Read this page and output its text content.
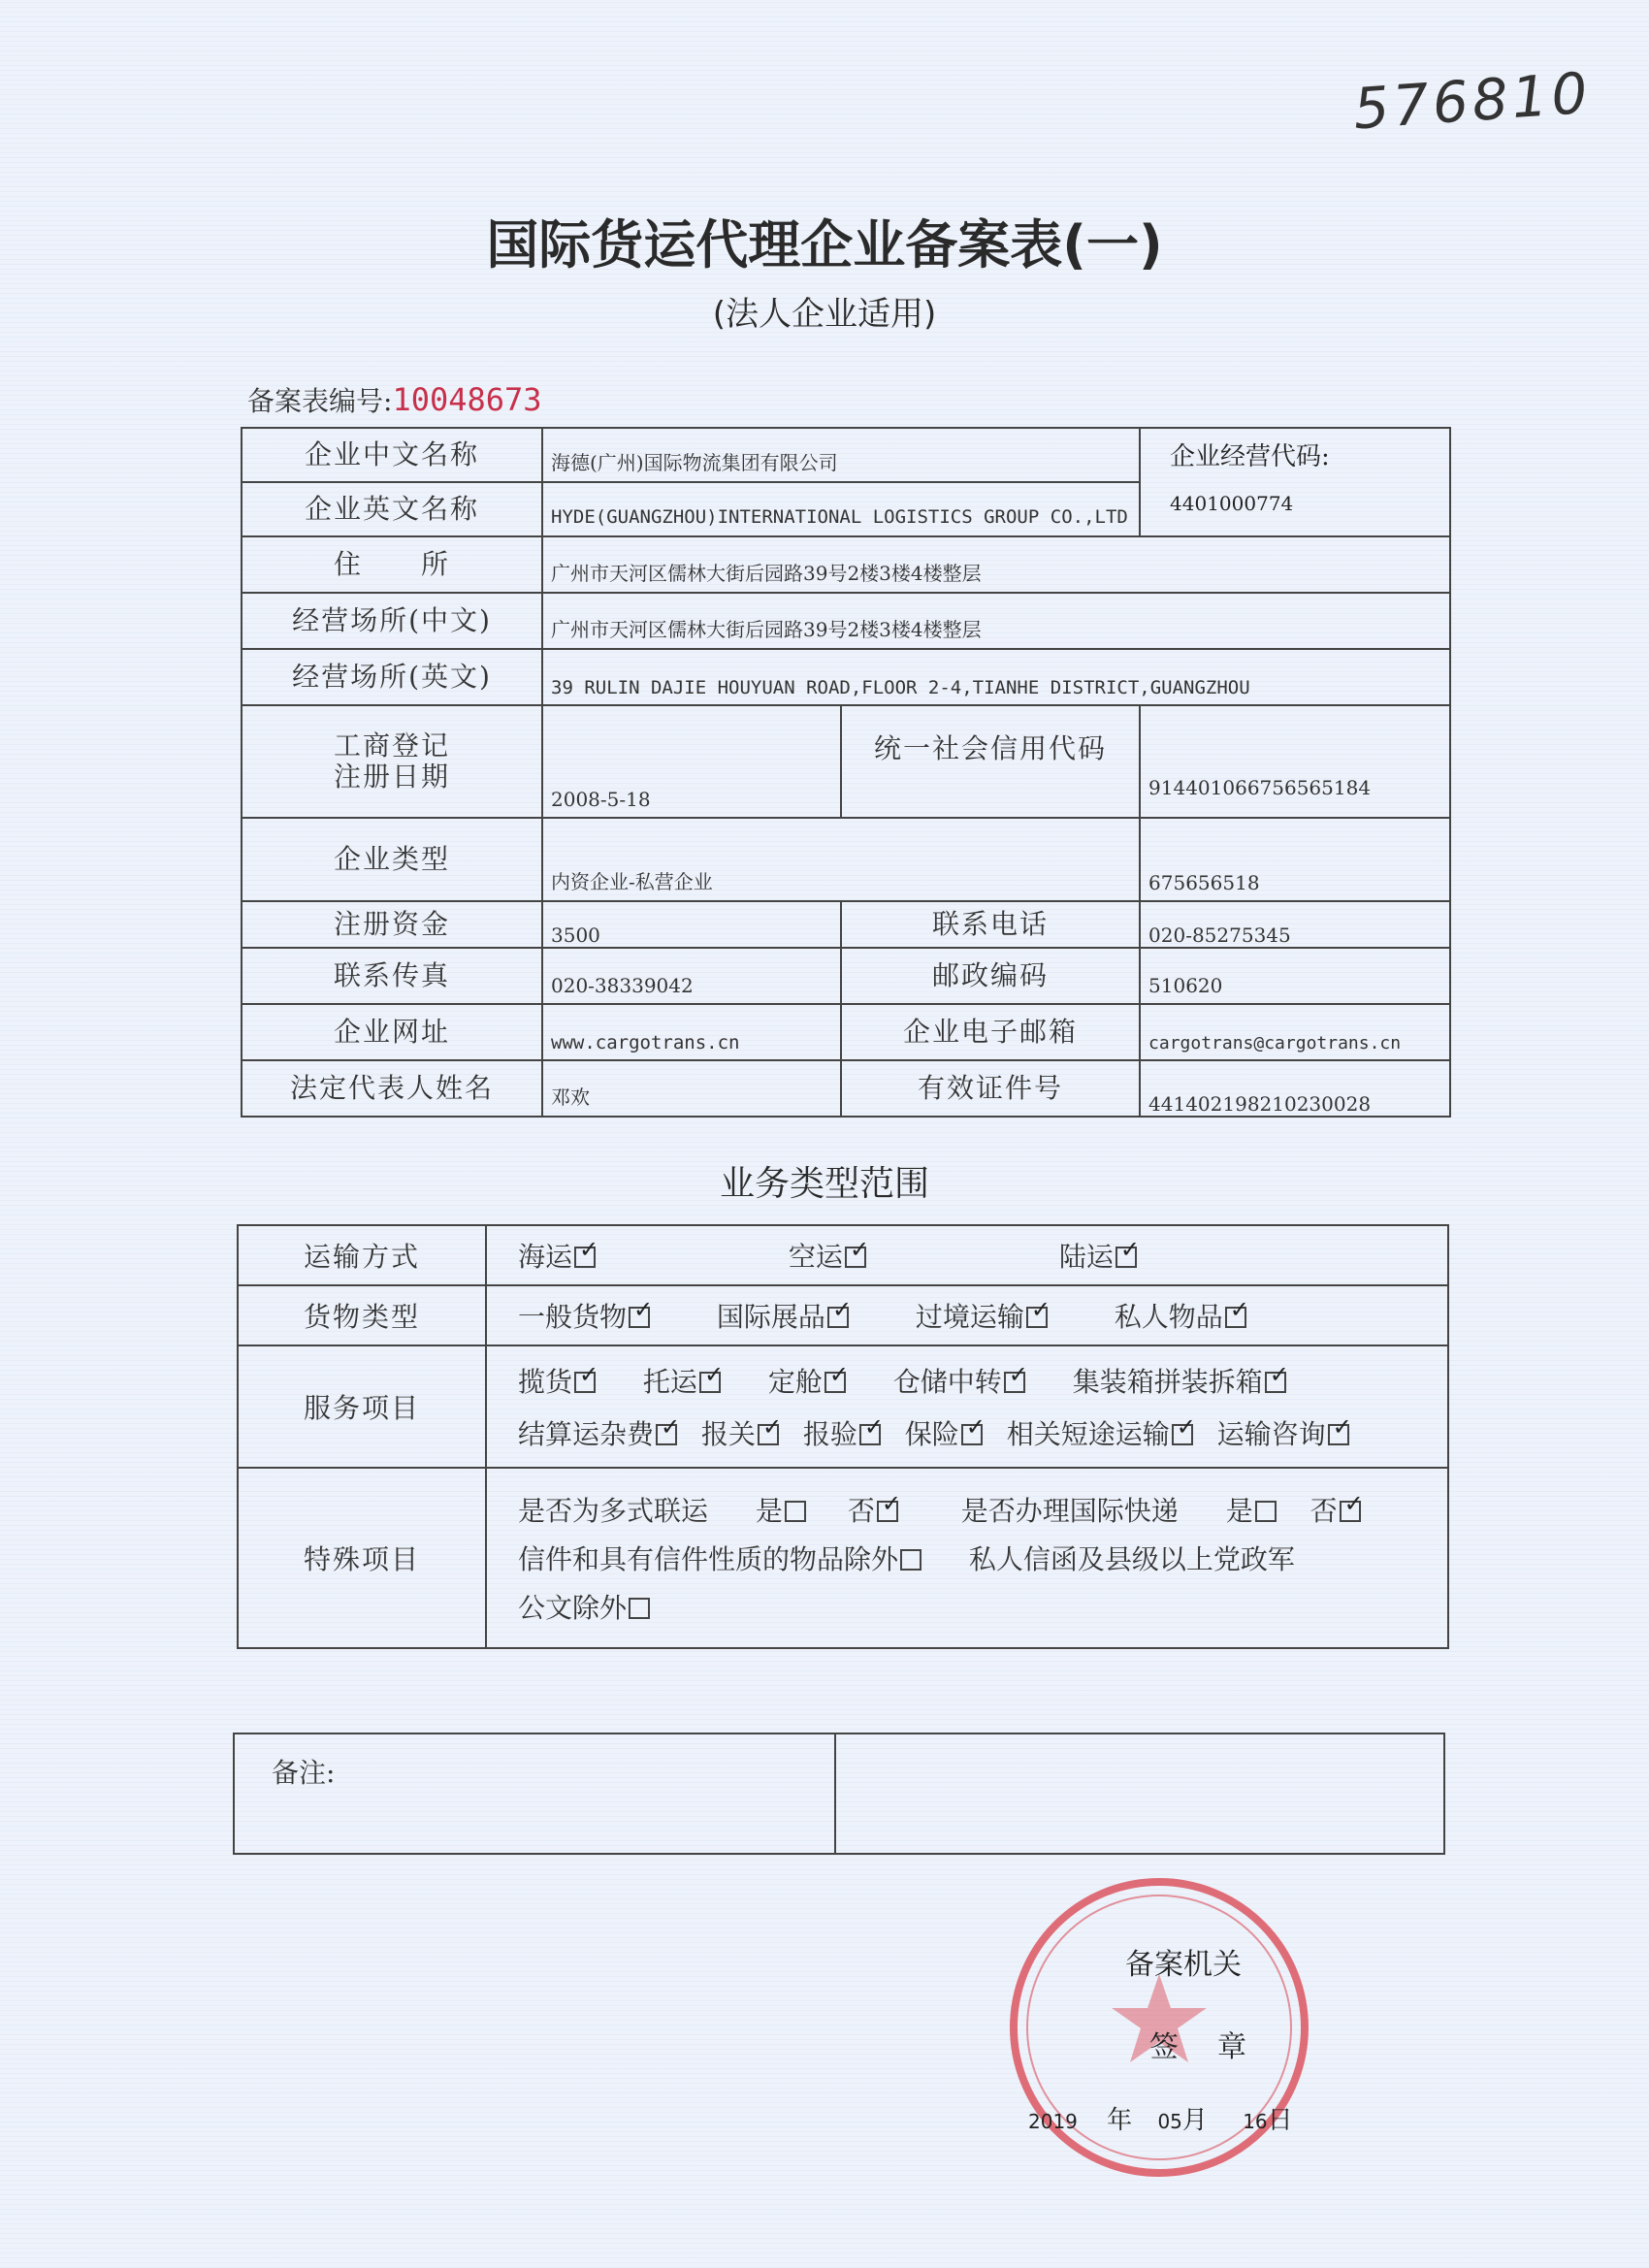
576810
国际货运代理企业备案表(一)
(法人企业适用)
备案表编号:10048673
企业中文名称	海德(广州)国际物流集团有限公司		企业经营代码:
4401000774

企业英文名称	HYDE(GUANGZHOU)INTERNATIONAL LOGISTICS GROUP CO.,LTD		
住　　所	广州市天河区儒林大街后园路39号2楼3楼4楼整层		
经营场所(中文)	广州市天河区儒林大街后园路39号2楼3楼4楼整层		
经营场所(英文)	39 RULIN DAJIE HOUYUAN ROAD,FLOOR 2-4,TIANHE DISTRICT,GUANGZHOU		

工商登记
注册日期	2008-5-18	统一社会信用代码	914401066756565184
企业类型	内资企业-私营企业		675656518
注册资金	3500	联系电话	020-85275345
联系传真	020-38339042	邮政编码	510620
企业网址	www.cargotrans.cn	企业电子邮箱	cargotrans@cargotrans.cn
法定代表人姓名	邓欢	有效证件号	441402198210230028
业务类型范围
运输方式	海运 ✓ 空运 ✓ 陆运✓
货物类型	一般货物 ✓ 国际展品 ✓ 过境运输 ✓ 私人物品✓
服务项目	揽货 ✓ 托运 ✓ 定舱 ✓ 仓储中转 ✓ 集装箱拼装拆箱✓
结算运杂费 ✓ 报关 ✓ 报验 ✓ 保险 ✓ 相关短途运输 ✓ 运输咨询✓

特殊项目	是否为多式联运 是 否 ✓ 是否办理国际快递 是 否✓
信件和具有信件性质的物品除外 私人信函及县级以上党政军
公文除外
备注:	
备案机关
签章
2019 年 05月 16日
